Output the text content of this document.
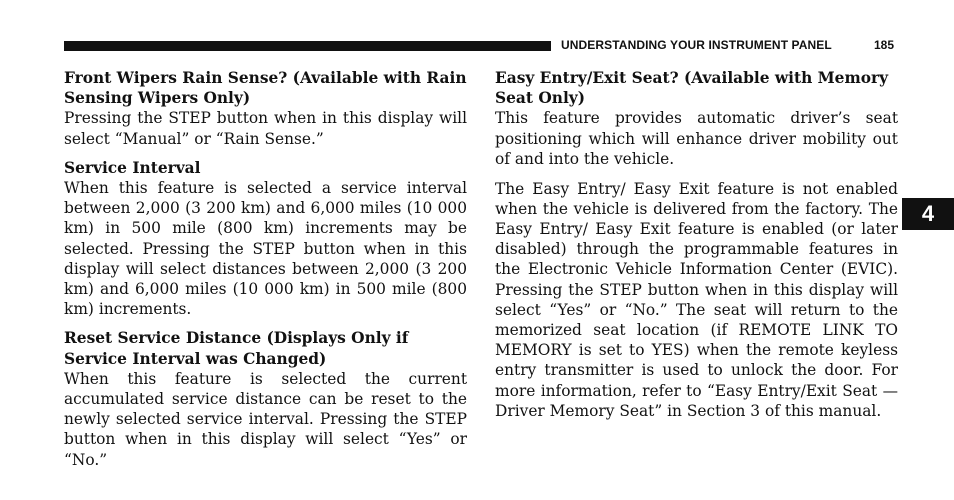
UNDERSTANDING YOUR INSTRUMENT PANEL	185
4
Front Wipers Rain Sense? (Available with Rain Sensing Wipers Only)

Pressing the STEP button when in this display will select “Manual” or “Rain Sense.”

Service Interval

When this feature is selected a service interval between 2,000 (3 200 km) and 6,000 miles (10 000 km) in 500 mile (800 km) increments may be selected. Pressing the STEP button when in this display will select distances between 2,000 (3 200 km) and 6,000 miles (10 000 km) in 500 mile (800 km) increments.

Reset Service Distance (Displays Only if Service Interval was Changed)

When this feature is selected the current accumulated service distance can be reset to the newly selected service interval. Pressing the STEP button when in this display will select “Yes” or “No.”

Easy Entry/Exit Seat? (Available with Memory Seat Only)

This feature provides automatic driver’s seat positioning which will enhance driver mobility out of and into the vehicle.

The Easy Entry/ Easy Exit feature is not enabled when the vehicle is delivered from the factory. The Easy Entry/ Easy Exit feature is enabled (or later disabled) through the programmable features in the Electronic Vehicle Information Center (EVIC). Pressing the STEP button when in this display will select “Yes” or “No.” The seat will return to the memorized seat location (if REMOTE LINK TO MEMORY is set to YES) when the remote keyless entry transmitter is used to unlock the door. For more information, refer to “Easy Entry/Exit Seat — Driver Memory Seat” in Section 3 of this manual.
